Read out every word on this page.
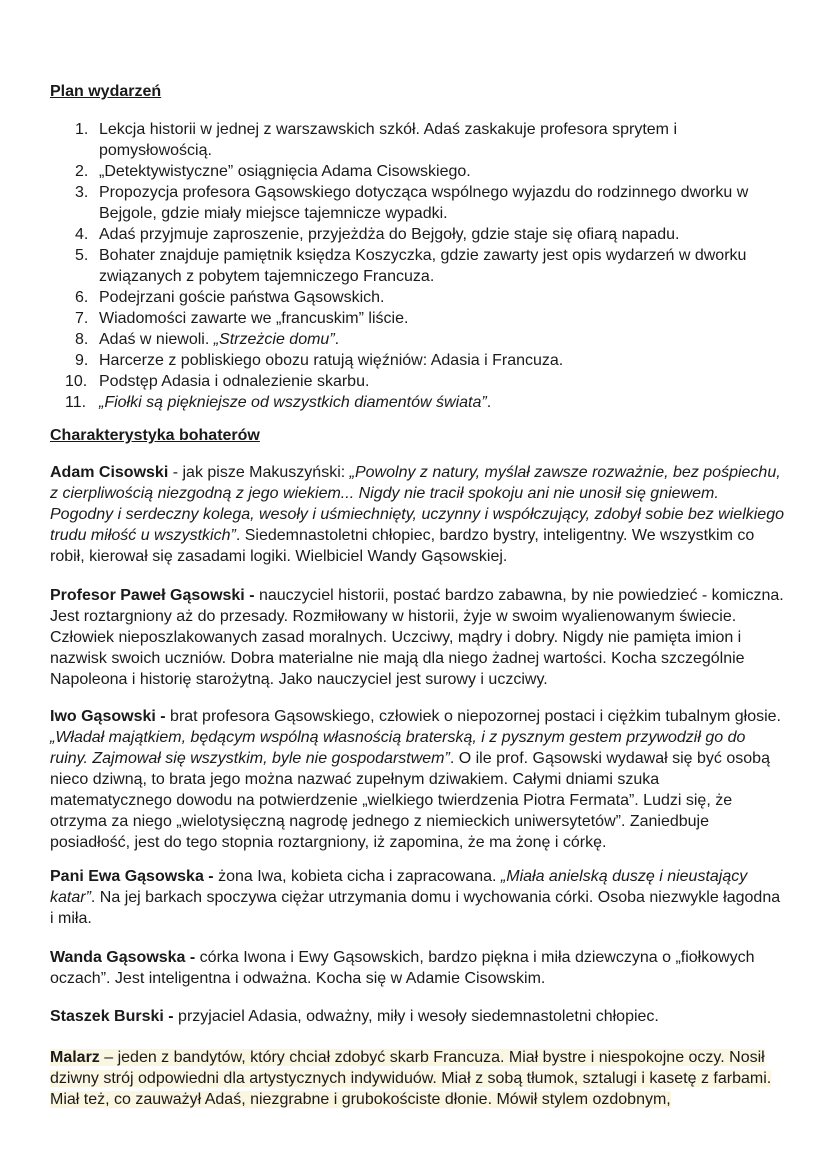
Plan wydarzeń
1. Lekcja historii w jednej z warszawskich szkół. Adaś zaskakuje profesora sprytem i pomysłowością.
2. „Detektywistyczne” osiągnięcia Adama Cisowskiego.
3. Propozycja profesora Gąsowskiego dotycząca wspólnego wyjazdu do rodzinnego dworku w Bejgole, gdzie miały miejsce tajemnicze wypadki.
4. Adaś przyjmuje zaproszenie, przyjeżdża do Bejgoły, gdzie staje się ofiarą napadu.
5. Bohater znajduje pamiętnik księdza Koszyczka, gdzie zawarty jest opis wydarzeń w dworku związanych z pobytem tajemniczego Francuza.
6. Podejrzani goście państwa Gąsowskich.
7. Wiadomości zawarte we „francuskim” liście.
8. Adaś w niewoli. „Strzeżcie domu”.
9. Harcerze z pobliskiego obozu ratują więźniów: Adasia i Francuza.
10. Podstęp Adasia i odnalezienie skarbu.
11. „Fiołki są piękniejsze od wszystkich diamentów świata”.
Charakterystyka bohaterów

Adam Cisowski - jak pisze Makuszyński: „Powolny z natury, myślał zawsze rozważnie, bez pośpiechu, z cierpliwością niezgodną z jego wiekiem... Nigdy nie tracił spokoju ani nie unosił się gniewem. Pogodny i serdeczny kolega, wesoły i uśmiechnięty, uczynny i współczujący, zdobył sobie bez wielkiego trudu miłość u wszystkich”. Siedemnastoletni chłopiec, bardzo bystry, inteligentny. We wszystkim co robił, kierował się zasadami logiki. Wielbiciel Wandy Gąsowskiej.

Profesor Paweł Gąsowski - nauczyciel historii, postać bardzo zabawna, by nie powiedzieć - komiczna. Jest roztargniony aż do przesady. Rozmiłowany w historii, żyje w swoim wyalienowanym świecie. Człowiek nieposzlakowanych zasad moralnych. Uczciwy, mądry i dobry. Nigdy nie pamięta imion i nazwisk swoich uczniów. Dobra materialne nie mają dla niego żadnej wartości. Kocha szczególnie Napoleona i historię starożytną. Jako nauczyciel jest surowy i uczciwy.

Iwo Gąsowski - brat profesora Gąsowskiego, człowiek o niepozornej postaci i ciężkim tubalnym głosie. „Władał majątkiem, będącym wspólną własnością braterską, i z pysznym gestem przywodził go do ruiny. Zajmował się wszystkim, byle nie gospodarstwem”. O ile prof. Gąsowski wydawał się być osobą nieco dziwną, to brata jego można nazwać zupełnym dziwakiem. Całymi dniami szuka matematycznego dowodu na potwierdzenie „wielkiego twierdzenia Piotra Fermata”. Ludzi się, że otrzyma za niego „wielotysięczną nagrodę jednego z niemieckich uniwersytetów”. Zaniedbuje posiadłość, jest do tego stopnia roztargniony, iż zapomina, że ma żonę i córkę.

Pani Ewa Gąsowska - żona Iwa, kobieta cicha i zapracowana. „Miała anielską duszę i nieustający katar”. Na jej barkach spoczywa ciężar utrzymania domu i wychowania córki. Osoba niezwykle łagodna i miła.

Wanda Gąsowska - córka Iwona i Ewy Gąsowskich, bardzo piękna i miła dziewczyna o „fiołkowych oczach”. Jest inteligentna i odważna. Kocha się w Adamie Cisowskim.

Staszek Burski - przyjaciel Adasia, odważny, miły i wesoły siedemnastoletni chłopiec.

Malarz – jeden z bandytów, który chciał zdobyć skarb Francuza. Miał bystre i niespokojne oczy. Nosił dziwny strój odpowiedni dla artystycznych indywiduów. Miał z sobą tłumok, sztalugi i kasetę z farbami. Miał też, co zauważył Adaś, niezgrabne i grubokościste dłonie. Mówił stylem ozdobnym,
